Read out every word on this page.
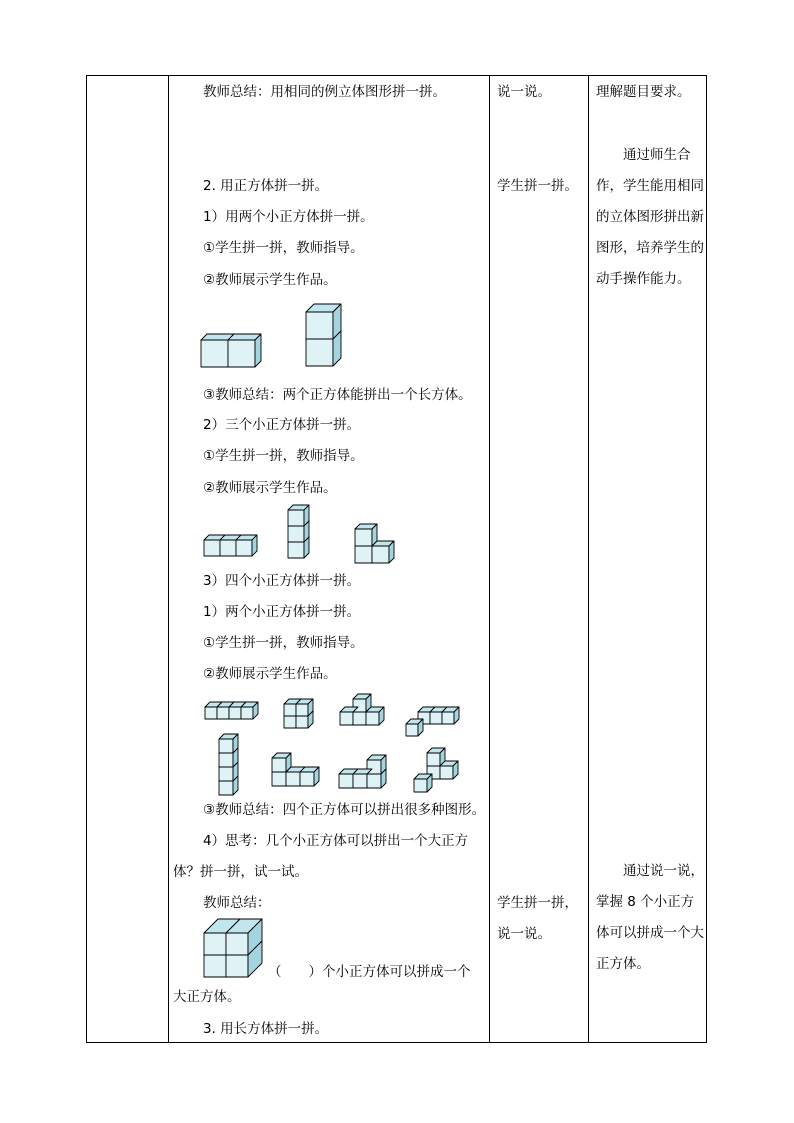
教师总结：用相同的例立体图形拼一拼。
2. 用正方体拼一拼。
1）用两个小正方体拼一拼。
①学生拼一拼，教师指导。
②教师展示学生作品。
③教师总结：两个正方体能拼出一个长方体。
2）三个小正方体拼一拼。
①学生拼一拼，教师指导。
②教师展示学生作品。
3）四个小正方体拼一拼。
1）两个小正方体拼一拼。
①学生拼一拼，教师指导。
②教师展示学生作品。
③教师总结：四个正方体可以拼出很多种图形。
4）思考：几个小正方体可以拼出一个大正方
体？拼一拼，试一试。
教师总结：
（　　）个小正方体可以拼成一个
大正方体。
3. 用长方体拼一拼。
说一说。
学生拼一拼。
学生拼一拼，
说一说。
理解题目要求。
通过师生合作，学生能用相同的立体图形拼出新图形，培养学生的动手操作能力。
通过说一说，掌握 8 个小正方体可以拼成一个大正方体。
